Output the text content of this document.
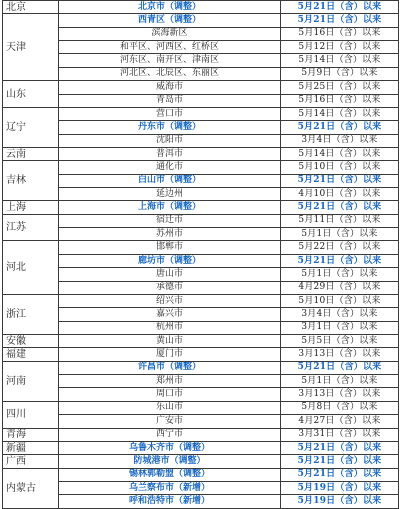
北京	北京市（调整）	5月21日（含）以来
天津	西青区（调整）	5月21日（含）以来
	滨海新区	5月16日（含）以来
	和平区、河西区、红桥区	5月12日（含）以来
	河东区、南开区、津南区	5月14日（含）以来
	河北区、北辰区、东丽区	5月9日（含）以来
山东	威海市	5月25日（含）以来
	青岛市	5月16日（含）以来
辽宁	营口市	5月14日（含）以来
	丹东市（调整）	5月21日（含）以来
	沈阳市	3月4日（含）以来
云南	普洱市	5月14日（含）以来
吉林	通化市	5月10日（含）以来
	白山市（调整）	5月21日（含）以来
	延边州	4月10日（含）以来
上海	上海市（调整）	5月21日（含）以来
江苏	宿迁市	5月11日（含）以来
	苏州市	5月1日（含）以来
河北	邯郸市	5月22日（含）以来
	廊坊市（调整）	5月21日（含）以来
	唐山市	5月1日（含）以来
	承德市	4月29日（含）以来
浙江	绍兴市	5月10日（含）以来
	嘉兴市	3月4日（含）以来
	杭州市	3月1日（含）以来
安徽	黄山市	5月5日（含）以来
福建	厦门市	3月13日（含）以来
河南	许昌市（调整）	5月21日（含）以来
	郑州市	5月1日（含）以来
	周口市	3月13日（含）以来
四川	乐山市	5月8日（含）以来
	广安市	4月27日（含）以来
青海	西宁市	3月31日（含）以来
新疆	乌鲁木齐市（调整）	5月21日（含）以来
广西	防城港市（调整）	5月21日（含）以来
内蒙古	锡林郭勒盟（调整）	5月21日（含）以来
	乌兰察布市（新增）	5月19日（含）以来
	呼和浩特市（新增）	5月19日（含）以来
